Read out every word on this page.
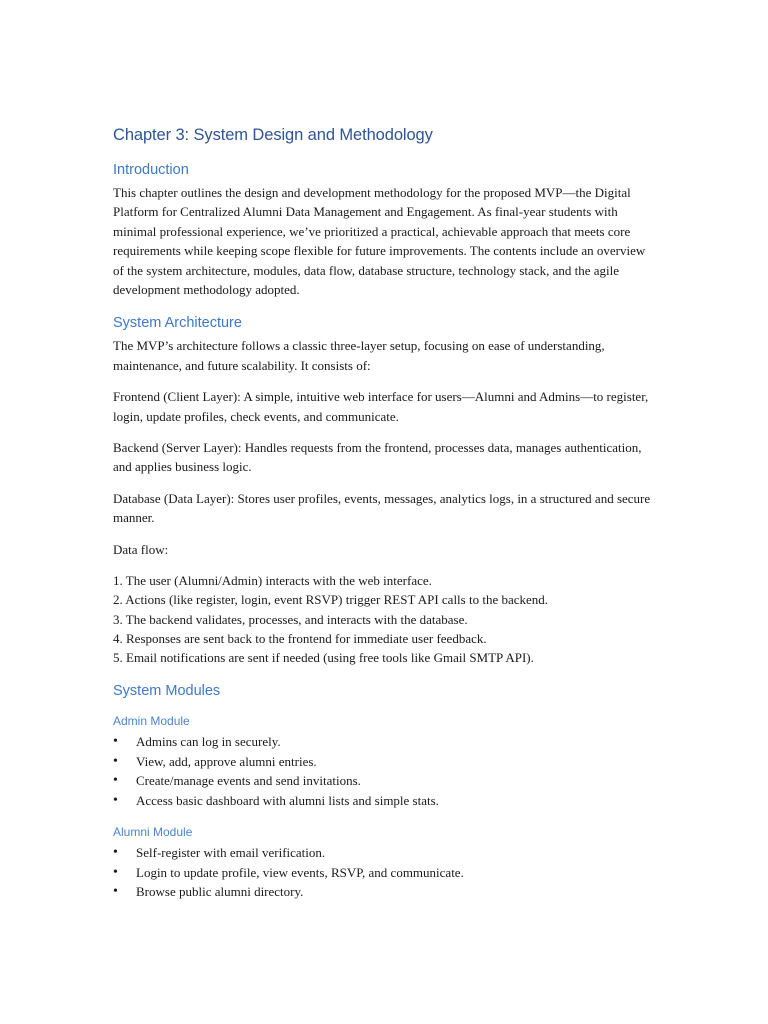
Chapter 3: System Design and Methodology
Introduction

This chapter outlines the design and development methodology for the proposed MVP—the Digital Platform for Centralized Alumni Data Management and Engagement. As final-year students with minimal professional experience, we’ve prioritized a practical, achievable approach that meets core requirements while keeping scope flexible for future improvements. The contents include an overview of the system architecture, modules, data flow, database structure, technology stack, and the agile development methodology adopted.

System Architecture

The MVP’s architecture follows a classic three-layer setup, focusing on ease of understanding, maintenance, and future scalability. It consists of:

Frontend (Client Layer): A simple, intuitive web interface for users—Alumni and Admins—to register, login, update profiles, check events, and communicate.

Backend (Server Layer): Handles requests from the frontend, processes data, manages authentication, and applies business logic.

Database (Data Layer): Stores user profiles, events, messages, analytics logs, in a structured and secure manner.

Data flow:

1. The user (Alumni/Admin) interacts with the web interface.
2. Actions (like register, login, event RSVP) trigger REST API calls to the backend.
3. The backend validates, processes, and interacts with the database.
4. Responses are sent back to the frontend for immediate user feedback.
5. Email notifications are sent if needed (using free tools like Gmail SMTP API).
System Modules
Admin Module
• Admins can log in securely.
• View, add, approve alumni entries.
• Create/manage events and send invitations.
• Access basic dashboard with alumni lists and simple stats.
Alumni Module
• Self-register with email verification.
• Login to update profile, view events, RSVP, and communicate.
• Browse public alumni directory.
